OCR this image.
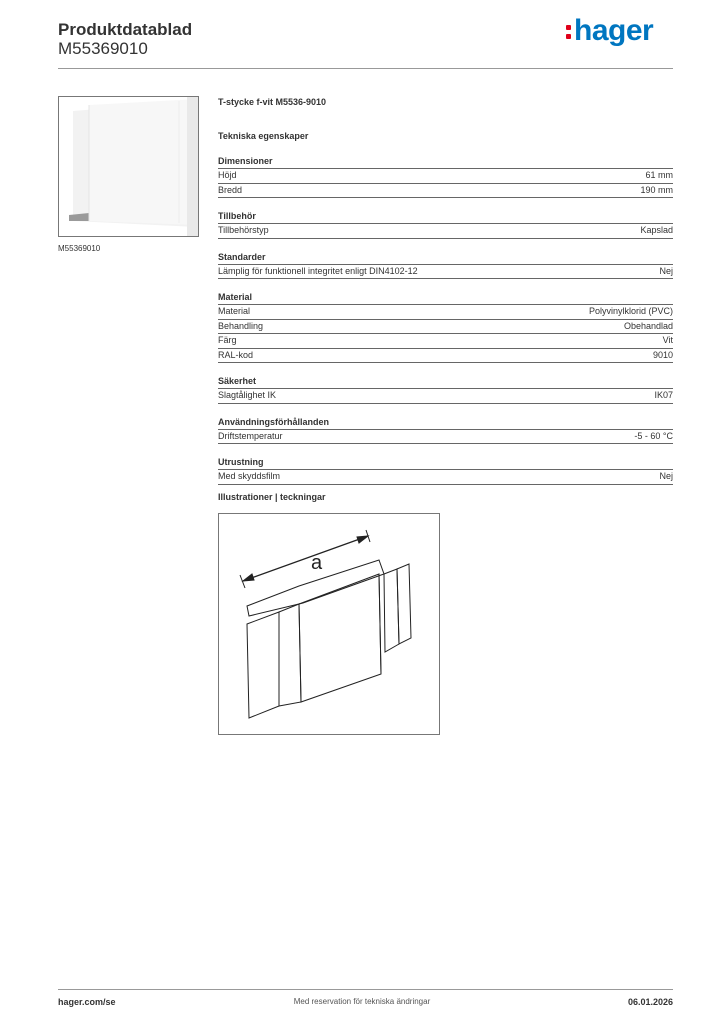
Produktdatablad
M55369010
hager
M55369010
T-stycke f-vit M5536-9010
Tekniska egenskaper
Dimensioner
Höjd	61 mm
Bredd	190 mm
Tillbehör
Tillbehörstyp	Kapslad
Standarder
Lämplig för funktionell integritet enligt DIN4102-12	Nej
Material
Material	Polyvinylklorid (PVC)
Behandling	Obehandlad
Färg	Vit
RAL-kod	9010
Säkerhet
Slagtålighet IK	IK07
Användningsförhållanden
Driftstemperatur	-5 - 60 °C
Utrustning
Med skyddsfilm	Nej
Illustrationer | teckningar
a
hager.com/se	Med reservation för tekniska ändringar	06.01.2026
